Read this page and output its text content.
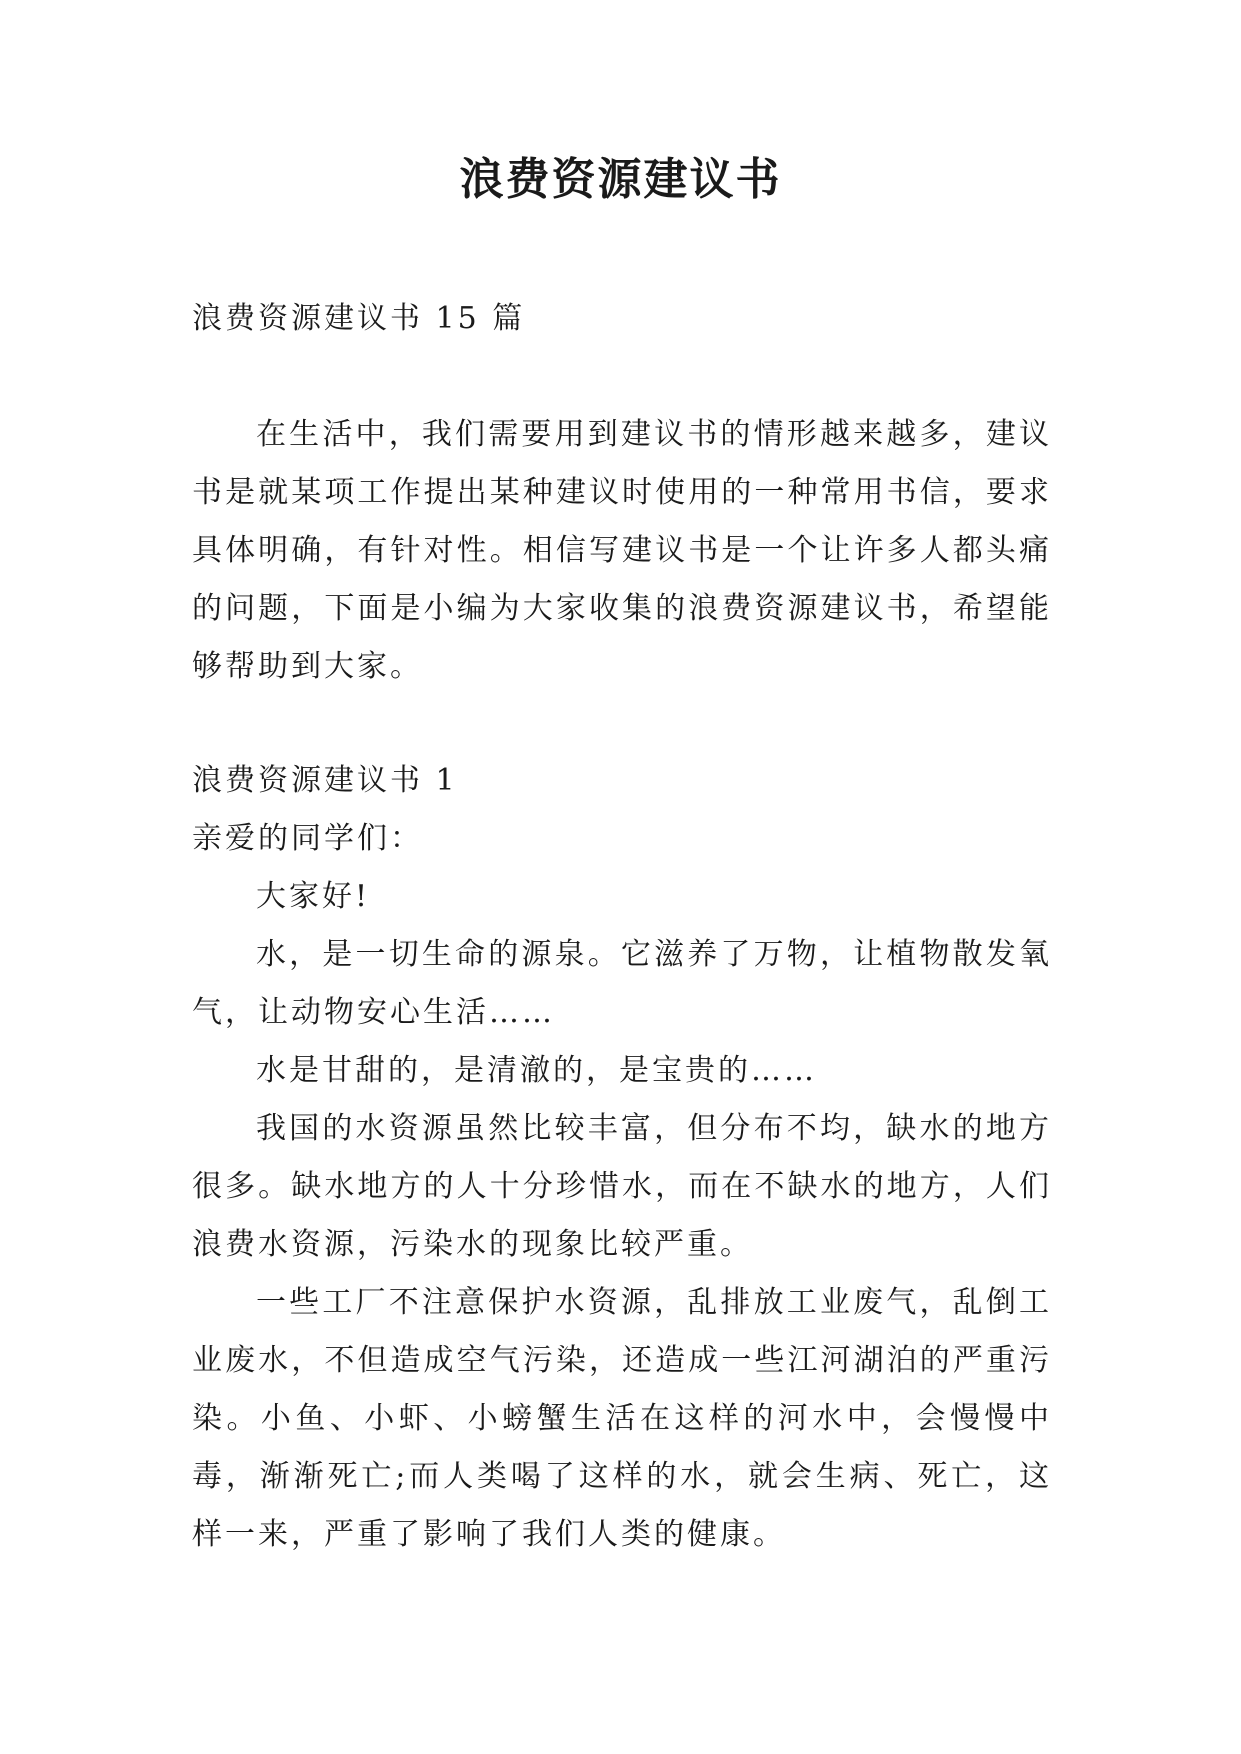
浪费资源建议书

浪费资源建议书 15 篇

在生活中，我们需要用到建议书的情形越来越多，建议书是就某项工作提出某种建议时使用的一种常用书信，要求具体明确，有针对性。相信写建议书是一个让许多人都头痛的问题，下面是小编为大家收集的浪费资源建议书，希望能够帮助到大家。

浪费资源建议书 1

亲爱的同学们：

大家好!

水，是一切生命的源泉。它滋养了万物，让植物散发氧气，让动物安心生活……

水是甘甜的，是清澈的，是宝贵的……

我国的水资源虽然比较丰富，但分布不均，缺水的地方很多。缺水地方的人十分珍惜水，而在不缺水的地方，人们浪费水资源，污染水的现象比较严重。

一些工厂不注意保护水资源，乱排放工业废气，乱倒工业废水，不但造成空气污染，还造成一些江河湖泊的严重污染。小鱼、小虾、小螃蟹生活在这样的河水中，会慢慢中毒，渐渐死亡;而人类喝了这样的水，就会生病、死亡，这样一来，严重了影响了我们人类的健康。
